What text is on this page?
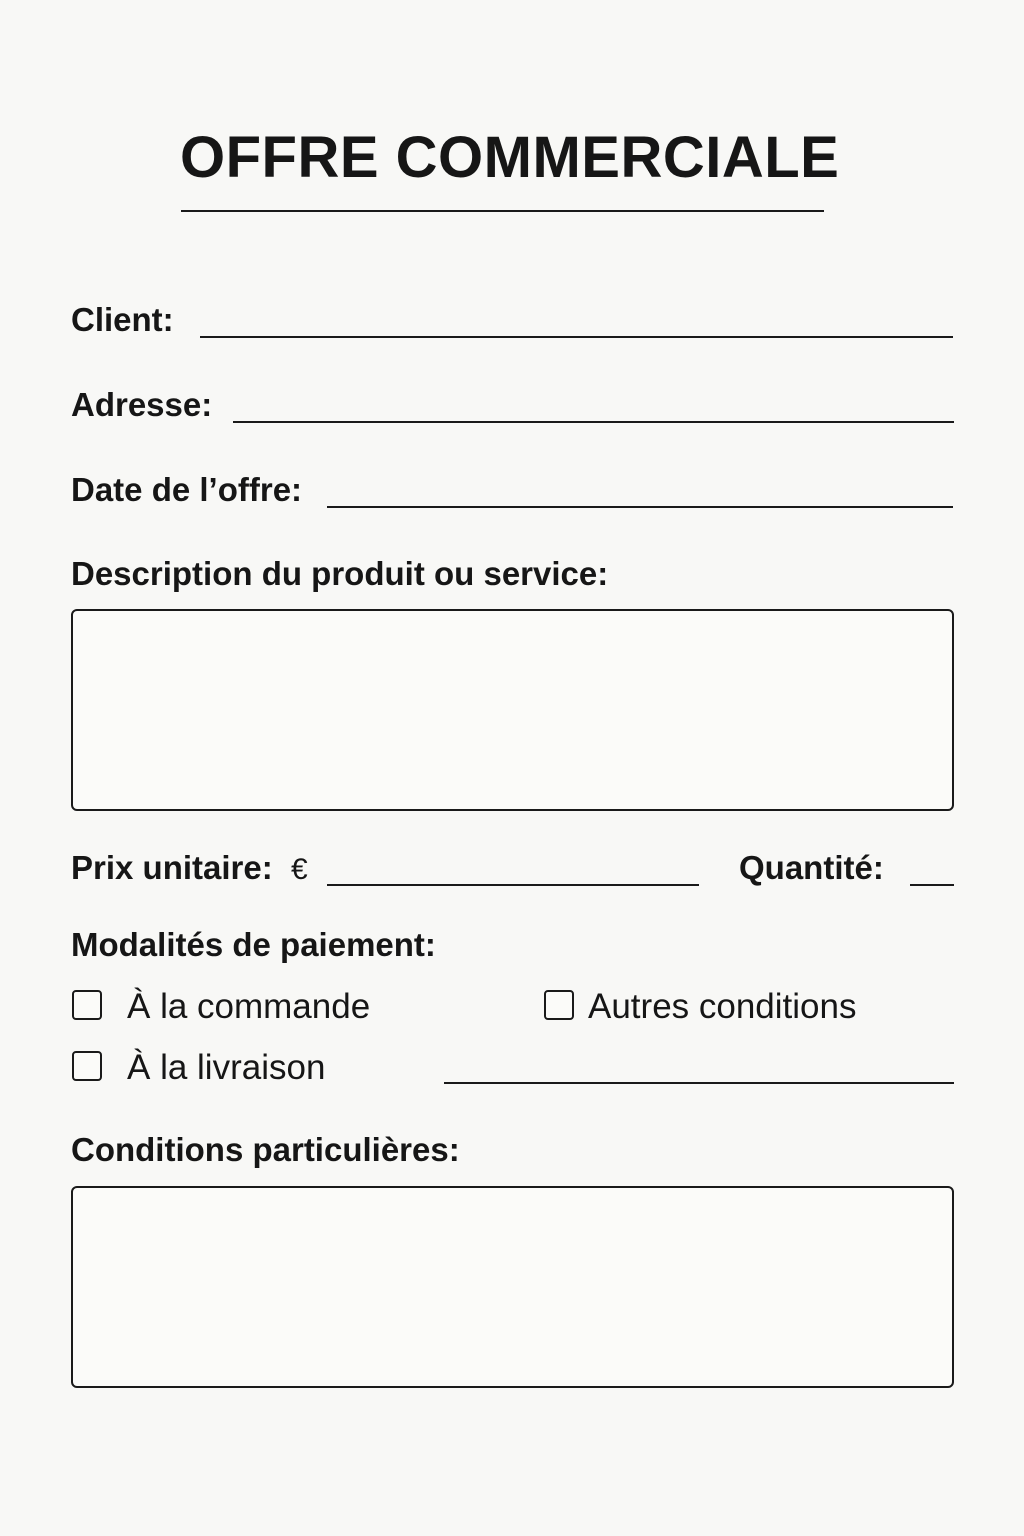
OFFRE COMMERCIALE
Client:
Adresse:
Date de l’offre:
Description du produit ou service:
Prix unitaire: €	Quantité:
Modalités de paiement:
À la commande
À la livraison
Autres conditions
Conditions particulières:
